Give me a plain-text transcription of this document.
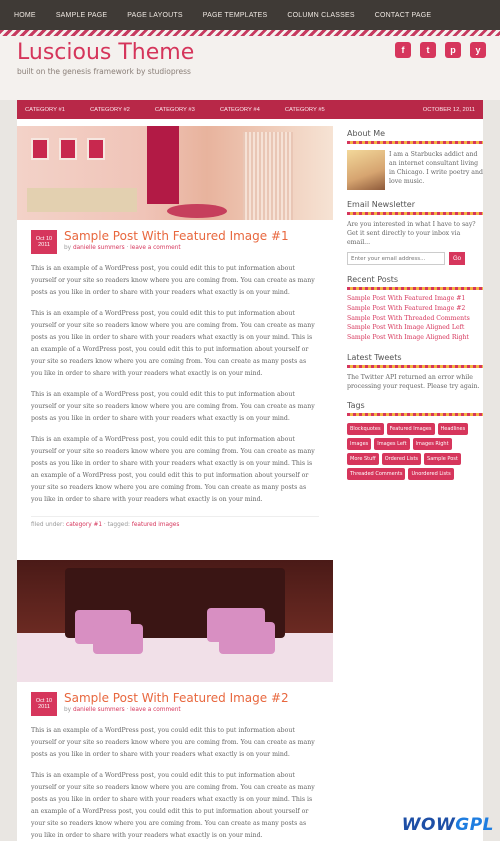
HOME	SAMPLE PAGE	PAGE LAYOUTS	PAGE TEMPLATES	COLUMN CLASSES	CONTACT PAGE
Luscious Theme
built on the genesis framework by studiopress
f	t	p	y
CATEGORY #1	CATEGORY #2	CATEGORY #3	CATEGORY #4	CATEGORY #5	OCTOBER 12, 2011
Oct 10 2011
Sample Post With Featured Image #1
by danielle summers · leave a comment

This is an example of a WordPress post, you could edit this to put information about yourself or your site so readers know where you are coming from. You can create as many posts as you like in order to share with your readers what exactly is on your mind.

This is an example of a WordPress post, you could edit this to put information about yourself or your site so readers know where you are coming from. You can create as many posts as you like in order to share with your readers what exactly is on your mind. This is an example of a WordPress post, you could edit this to put information about yourself or your site so readers know where you are coming from. You can create as many posts as you like in order to share with your readers what exactly is on your mind.

This is an example of a WordPress post, you could edit this to put information about yourself or your site so readers know where you are coming from. You can create as many posts as you like in order to share with your readers what exactly is on your mind.

This is an example of a WordPress post, you could edit this to put information about yourself or your site so readers know where you are coming from. You can create as many posts as you like in order to share with your readers what exactly is on your mind. This is an example of a WordPress post, you could edit this to put information about yourself or your site so readers know where you are coming from. You can create as many posts as you like in order to share with your readers what exactly is on your mind.

filed under: category #1 · tagged: featured images
Oct 10 2011
Sample Post With Featured Image #2
by danielle summers · leave a comment

This is an example of a WordPress post, you could edit this to put information about yourself or your site so readers know where you are coming from. You can create as many posts as you like in order to share with your readers what exactly is on your mind.

This is an example of a WordPress post, you could edit this to put information about yourself or your site so readers know where you are coming from. You can create as many posts as you like in order to share with your readers what exactly is on your mind. This is an example of a WordPress post, you could edit this to put information about yourself or your site so readers know where you are coming from. You can create as many posts as you like in order to share with your readers what exactly is on your mind.

About Me

I am a Starbucks addict and an internet consultant living in Chicago. I write poetry and love music.

Email Newsletter
Are you interested in what I have to say?
Get it sent directly to your inbox via email...
Enter your email address...
Go
Recent Posts
Sample Post With Featured Image #1
Sample Post With Featured Image #2
Sample Post With Threaded Comments
Sample Post With Image Aligned Left
Sample Post With Image Aligned Right
Latest Tweets
The Twitter API returned an error while processing your request. Please try again.
Tags
Blockquotes	Featured Images	Headlines
Images	Images Left	Images Right
More Stuff	Ordered Lists	Sample Post
Threaded Comments	Unordered Lists
WOWGPL
